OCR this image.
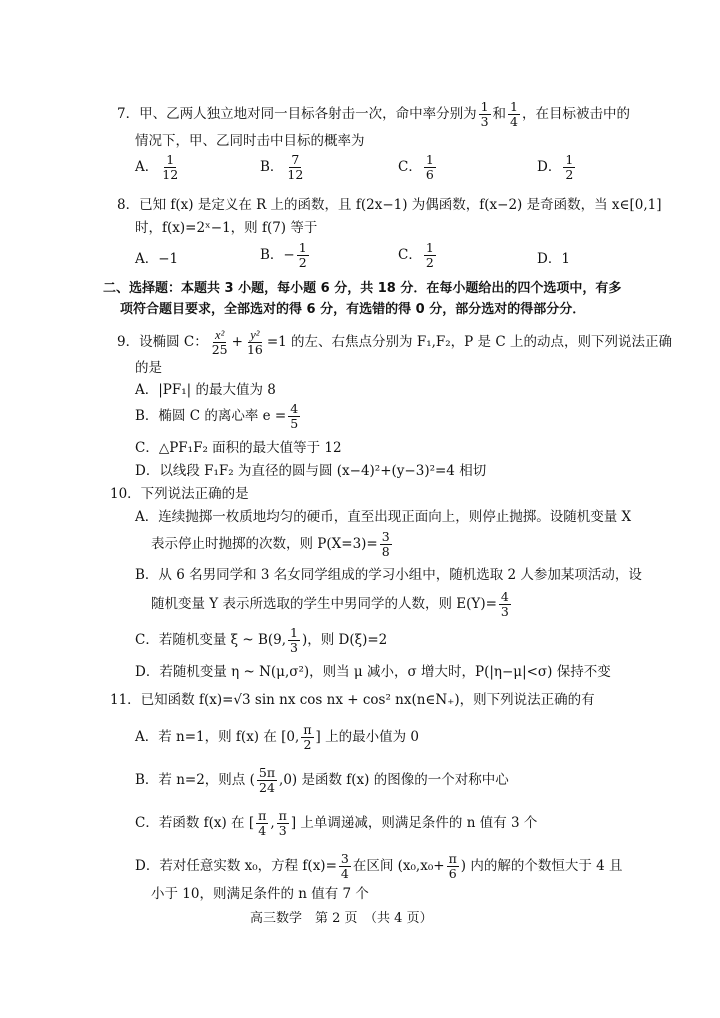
7．甲、乙两人独立地对同一目标各射击一次，命中率分别为 $\frac{1}{3}$ 和 $\frac{1}{4}$ ，在目标被击中的
情况下，甲、乙同时击中目标的概率为
A． $\frac{1}{12}$	B． $\frac{7}{12}$	C． $\frac{1}{6}$	D． $\frac{1}{2}$
8．已知 f(x) 是定义在 R 上的函数，且 f(2x−1) 为偶函数，f(x−2) 是奇函数，当 x∈[0,1]
时，f(x)=2ˣ−1，则 f(7) 等于
A．−1	B．− $\frac{1}{2}$	C． $\frac{1}{2}$	D．1
二、选择题：本题共 3 小题，每小题 6 分，共 18 分．在每小题给出的四个选项中，有多
项符合题目要求，全部选对的得 6 分，有选错的得 0 分，部分选对的得部分分．
9．设椭圆 C： $\frac{\text{x²}}{25} + \frac{\text{y²}}{16} =1$ 的左、右焦点分别为 F₁,F₂，P 是 C 上的动点，则下列说法正确
的是
A．|PF₁| 的最大值为 8
B．椭圆 C 的离心率 $e = \frac{4}{5}$
C．△PF₁F₂ 面积的最大值等于 12
D．以线段 F₁F₂ 为直径的圆与圆 (x−4)²+(y−3)²=4 相切
10．下列说法正确的是
A．连续抛掷一枚质地均匀的硬币，直至出现正面向上，则停止抛掷。设随机变量 X
表示停止时抛掷的次数，则 $P(X=3)= \frac{3}{8}$
B．从 6 名男同学和 3 名女同学组成的学习小组中，随机选取 2 人参加某项活动，设
随机变量 Y 表示所选取的学生中男同学的人数，则 $E(Y)= \frac{4}{3}$
C．若随机变量 ξ ~ B(9, $\frac{1}{3}$ )，则 D(ξ)=2
D．若随机变量 η ~ N(μ,σ²)，则当 μ 减小，σ 增大时，P(|η−μ|<σ) 保持不变
11．已知函数 f(x)=√3 sin nx cos nx + cos² nx(n∈N₊)，则下列说法正确的有
A．若 n=1，则 f(x) 在 [0, $\frac{\pi}{2}$ ] 上的最小值为 0
B．若 n=2，则点 ( $\frac{5\pi}{24} ,0$) 是函数 f(x) 的图像的一个对称中心
C．若函数 f(x) 在 [ $\frac{\pi}{4}$ , $\frac{\pi}{3}$ ] 上单调递减，则满足条件的 n 值有 3 个
D．若对任意实数 x₀，方程 $f(x)= \frac{3}{4}$ 在区间 ($x_0,x_0+ \frac{\pi}{6}$ ) 内的解的个数恒大于 4 且
小于 10，则满足条件的 n 值有 7 个
高三数学　第 2 页　（共 4 页）
